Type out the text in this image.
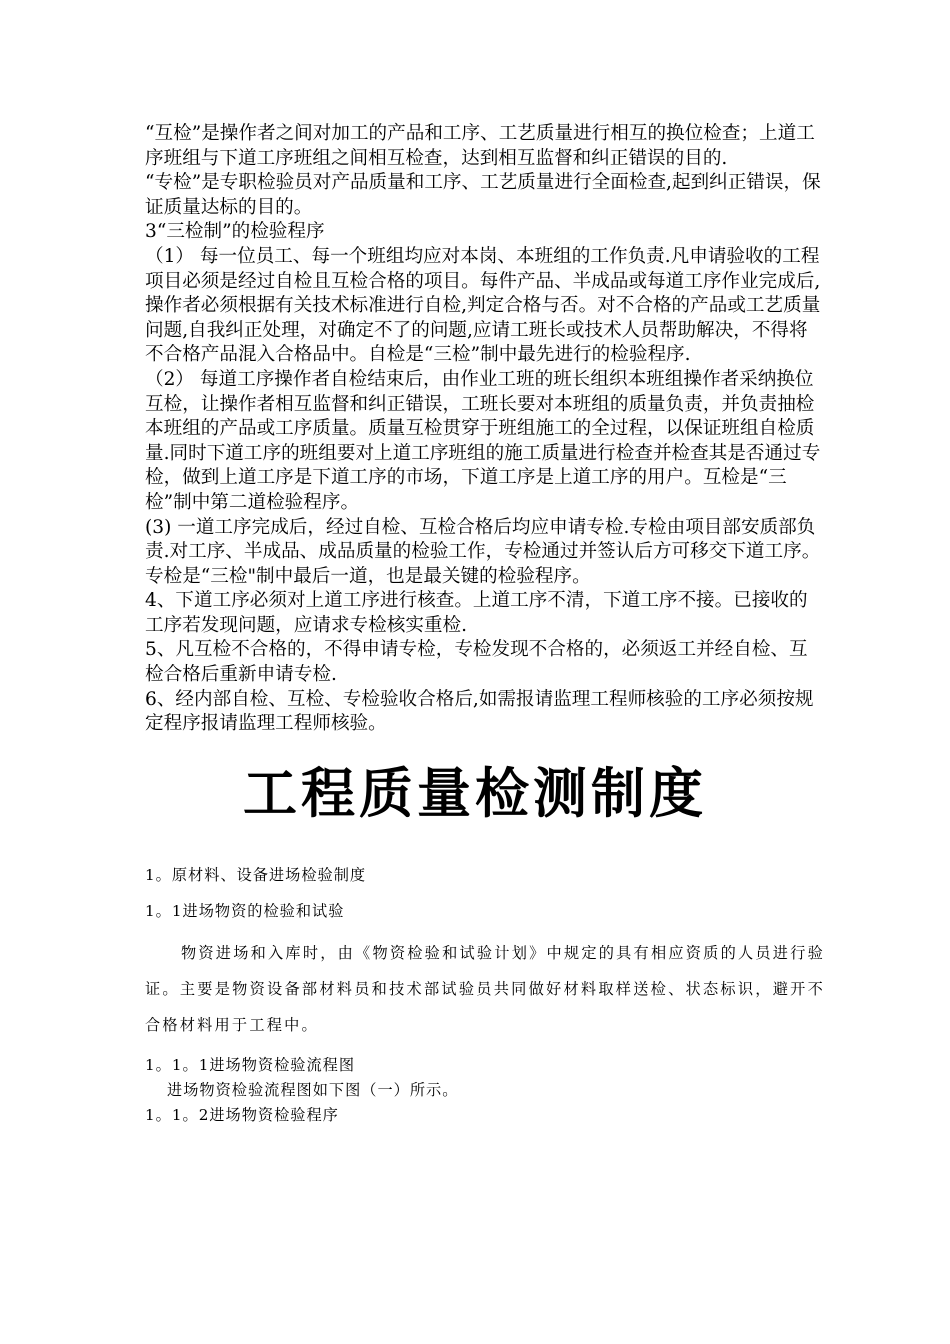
“互检”是操作者之间对加工的产品和工序、工艺质量进行相互的换位检查；上道工序班组与下道工序班组之间相互检查，达到相互监督和纠正错误的目的.

“专检”是专职检验员对产品质量和工序、工艺质量进行全面检查,起到纠正错误，保证质量达标的目的。

3“三检制”的检验程序

（1） 每一位员工、每一个班组均应对本岗、本班组的工作负责.凡申请验收的工程项目必须是经过自检且互检合格的项目。每件产品、半成品或每道工序作业完成后,操作者必须根据有关技术标准进行自检,判定合格与否。对不合格的产品或工艺质量问题,自我纠正处理，对确定不了的问题,应请工班长或技术人员帮助解决，不得将不合格产品混入合格品中。自检是“三检”制中最先进行的检验程序.

（2） 每道工序操作者自检结束后，由作业工班的班长组织本班组操作者采纳换位互检，让操作者相互监督和纠正错误，工班长要对本班组的质量负责，并负责抽检本班组的产品或工序质量。质量互检贯穿于班组施工的全过程，以保证班组自检质量.同时下道工序的班组要对上道工序班组的施工质量进行检查并检查其是否通过专检，做到上道工序是下道工序的市场，下道工序是上道工序的用户。互检是“三检”制中第二道检验程序。

(3) 一道工序完成后，经过自检、互检合格后均应申请专检.专检由项目部安质部负责.对工序、半成品、成品质量的检验工作，专检通过并签认后方可移交下道工序。专检是“三检"制中最后一道，也是最关键的检验程序。

4、下道工序必须对上道工序进行核查。上道工序不清，下道工序不接。已接收的工序若发现问题，应请求专检核实重检.

5、凡互检不合格的，不得申请专检，专检发现不合格的，必须返工并经自检、互检合格后重新申请专检.

6、经内部自检、互检、专检验收合格后,如需报请监理工程师核验的工序必须按规定程序报请监理工程师核验。

工程质量检测制度

1。原材料、设备进场检验制度

1。1进场物资的检验和试验

物资进场和入库时，由《物资检验和试验计划》中规定的具有相应资质的人员进行验证。主要是物资设备部材料员和技术部试验员共同做好材料取样送检、状态标识，避开不合格材料用于工程中。

1。1。1进场物资检验流程图

进场物资检验流程图如下图（一）所示。

1。1。2进场物资检验程序
